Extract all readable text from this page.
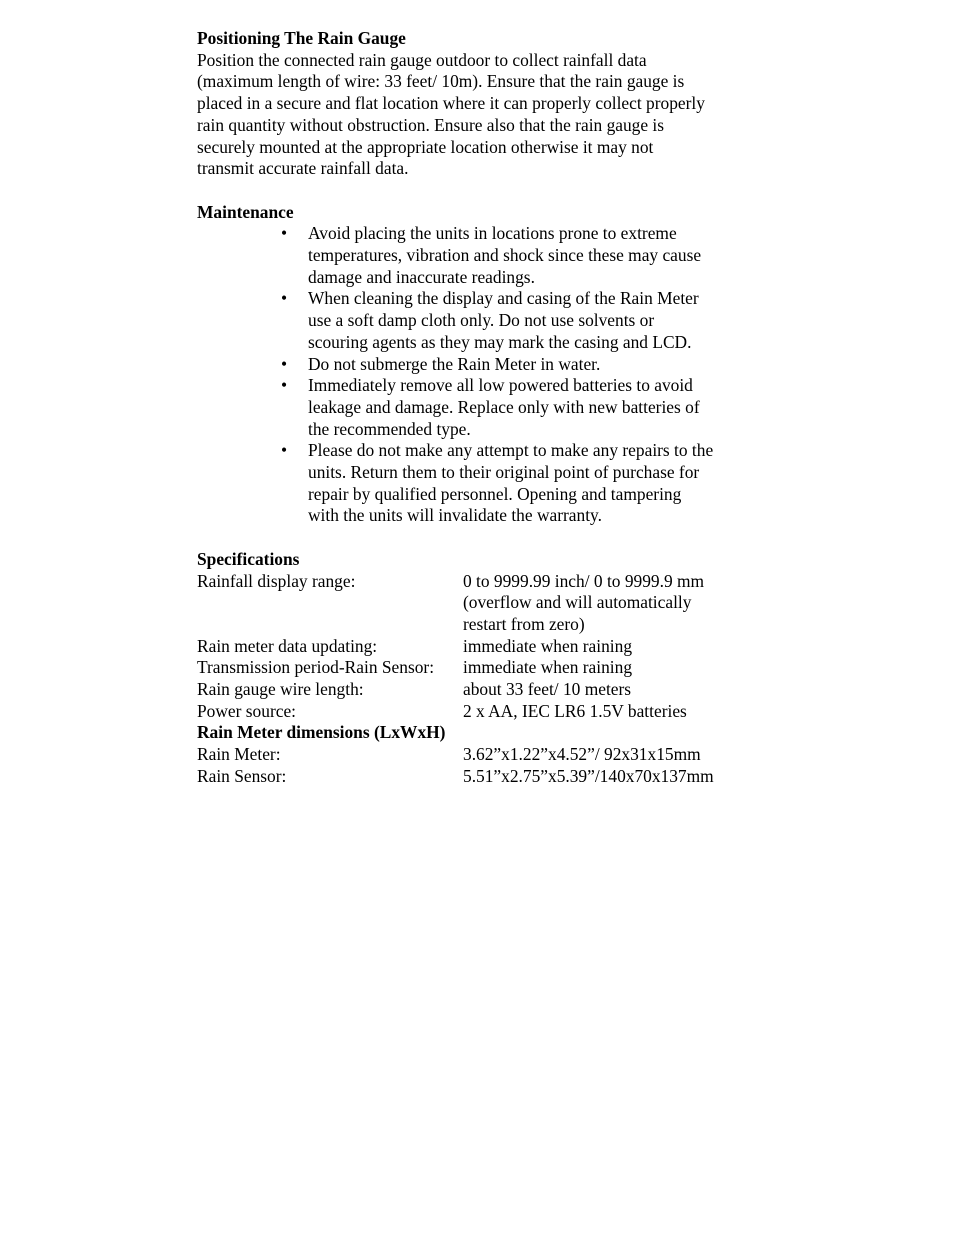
Positioning The Rain Gauge
Position the connected rain gauge outdoor to collect rainfall data
(maximum length of wire: 33 feet/ 10m). Ensure that the rain gauge is
placed in a secure and flat location where it can properly collect properly
rain quantity without obstruction. Ensure also that the rain gauge is
securely mounted at the appropriate location otherwise it may not
transmit accurate rainfall data.
Maintenance
• Avoid placing the units in locations prone to extreme
temperatures, vibration and shock since these may cause
damage and inaccurate readings.
• When cleaning the display and casing of the Rain Meter
use a soft damp cloth only. Do not use solvents or
scouring agents as they may mark the casing and LCD.
• Do not submerge the Rain Meter in water.
• Immediately remove all low powered batteries to avoid
leakage and damage. Replace only with new batteries of
the recommended type.
• Please do not make any attempt to make any repairs to the
units. Return them to their original point of purchase for
repair by qualified personnel. Opening and tampering
with the units will invalidate the warranty.
Specifications
Rainfall display range:	0 to 9999.99 inch/ 0 to 9999.9 mm
(overflow and will automatically
restart from zero)
Rain meter data updating:	immediate when raining
Transmission period-Rain Sensor:	immediate when raining
Rain gauge wire length:	about 33 feet/ 10 meters
Power source:	2 x AA, IEC LR6 1.5V batteries
Rain Meter dimensions (LxWxH)
Rain Meter:	3.62”x1.22”x4.52”/ 92x31x15mm
Rain Sensor:	5.51”x2.75”x5.39”/140x70x137mm
